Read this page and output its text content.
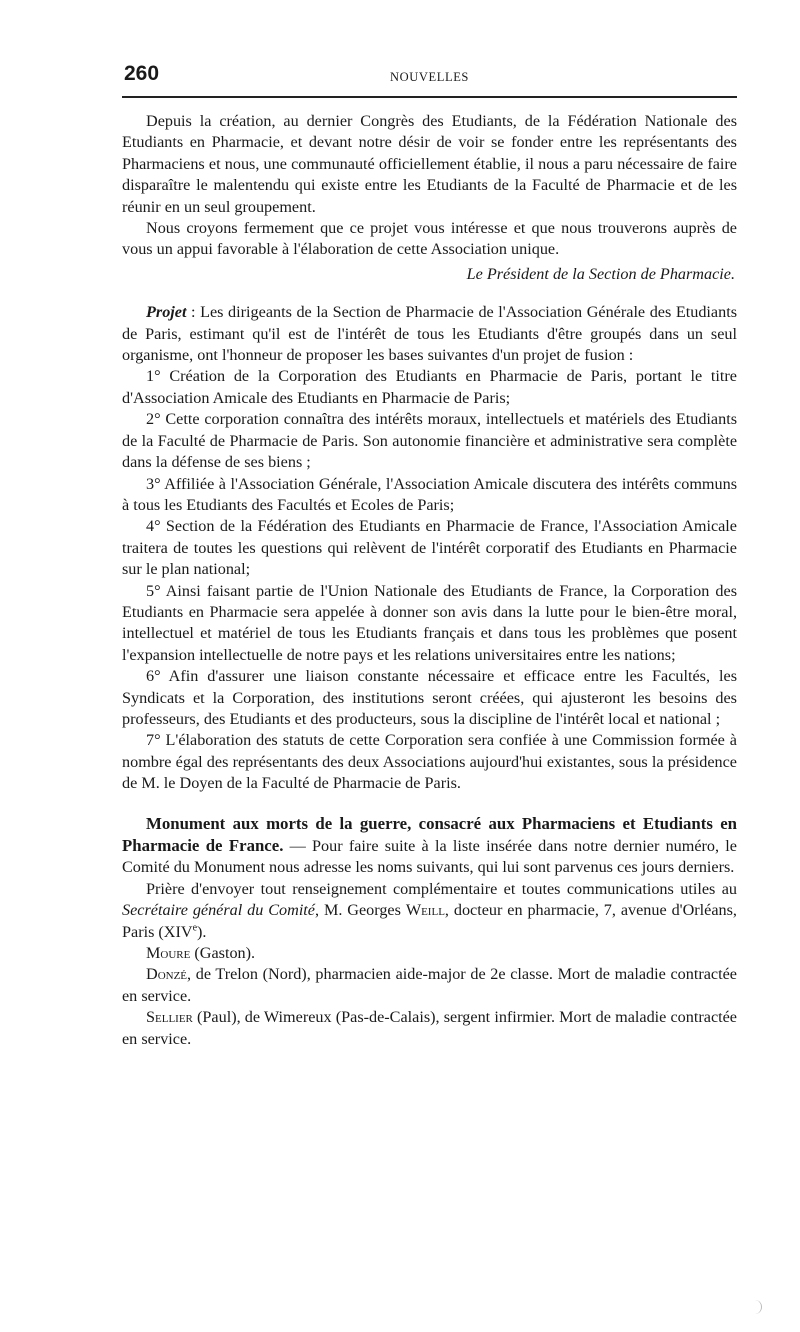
260	NOUVELLES

Depuis la création, au dernier Congrès des Etudiants, de la Fédération Nationale des Etudiants en Pharmacie, et devant notre désir de voir se fonder entre les représentants des Pharmaciens et nous, une communauté officiellement établie, il nous a paru nécessaire de faire disparaître le malentendu qui existe entre les Etudiants de la Faculté de Pharmacie et de les réunir en un seul groupement.

Nous croyons fermement que ce projet vous intéresse et que nous trouverons auprès de vous un appui favorable à l'élaboration de cette Association unique.

Le Président de la Section de Pharmacie.

Projet : Les dirigeants de la Section de Pharmacie de l'Association Générale des Etudiants de Paris, estimant qu'il est de l'intérêt de tous les Etudiants d'être groupés dans un seul organisme, ont l'honneur de proposer les bases suivantes d'un projet de fusion :

1° Création de la Corporation des Etudiants en Pharmacie de Paris, portant le titre d'Association Amicale des Etudiants en Pharmacie de Paris;

2° Cette corporation connaîtra des intérêts moraux, intellectuels et matériels des Etudiants de la Faculté de Pharmacie de Paris. Son autonomie financière et administrative sera complète dans la défense de ses biens ;

3° Affiliée à l'Association Générale, l'Association Amicale discutera des intérêts communs à tous les Etudiants des Facultés et Ecoles de Paris;

4° Section de la Fédération des Etudiants en Pharmacie de France, l'Association Amicale traitera de toutes les questions qui relèvent de l'intérêt corporatif des Etudiants en Pharmacie sur le plan national;

5° Ainsi faisant partie de l'Union Nationale des Etudiants de France, la Corporation des Etudiants en Pharmacie sera appelée à donner son avis dans la lutte pour le bien-être moral, intellectuel et matériel de tous les Etudiants français et dans tous les problèmes que posent l'expansion intellectuelle de notre pays et les relations universitaires entre les nations;

6° Afin d'assurer une liaison constante nécessaire et efficace entre les Facultés, les Syndicats et la Corporation, des institutions seront créées, qui ajusteront les besoins des professeurs, des Etudiants et des producteurs, sous la discipline de l'intérêt local et national ;

7° L'élaboration des statuts de cette Corporation sera confiée à une Commission formée à nombre égal des représentants des deux Associations aujourd'hui existantes, sous la présidence de M. le Doyen de la Faculté de Pharmacie de Paris.

Monument aux morts de la guerre, consacré aux Pharmaciens et Etudiants en Pharmacie de France. — Pour faire suite à la liste insérée dans notre dernier numéro, le Comité du Monument nous adresse les noms suivants, qui lui sont parvenus ces jours derniers.

Prière d'envoyer tout renseignement complémentaire et toutes communications utiles au Secrétaire général du Comité, M. Georges Weill, docteur en pharmacie, 7, avenue d'Orléans, Paris (XIVe).

Moure (Gaston).

Donzé, de Trelon (Nord), pharmacien aide-major de 2e classe. Mort de maladie contractée en service.

Sellier (Paul), de Wimereux (Pas-de-Calais), sergent infirmier. Mort de maladie contractée en service.
